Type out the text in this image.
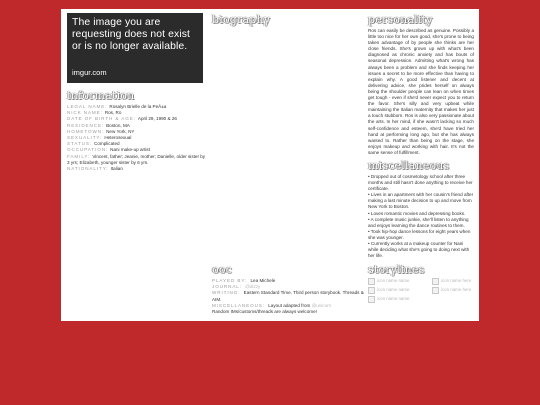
The image you are requesting does not exist or is no longer available.
imgur.com
information
LEGAL NAME: Rosalyn Brielle de la PeÃ±a
NICK NAME: Ros, Ro
DATE OF BIRTH & AGE: April 29, 1990 & 26
RESIDENCE: Boston, MA
HOMETOWN: New York, NY
SEXUALITY: Heterosexual
STATUS: Complicated
OCCUPATION: Nani make-up artist
FAMILY: Vincent, father; Jeanie, mother; Danielle, older sister by 3 yrs; Elizabeth, younger sister by 6 yrs.
NATIONALITY: Italian
biography	personality
Ros can easily be described as genuine. Possibly a little too nice for her own good, she's prone to being taken advantage of by people she thinks are her close friends. She's grown up with what's been diagnosed as chronic anxiety and has bouts of seasonal depression. Admitting what's wrong has always been a problem and she finds keeping her issues a secret to be more effective than having to explain why. A good listener and decent at delivering advice, she prides herself on always being the shoulder people can lean on when times get tough - even if she'd never expect you to return the favor. She's silly and very upbeat while maintaining the Italian maternity that makes her just a touch stubborn. Ros is also very passionate about the arts. In her mind, if she wasn't lacking so much self-confidence and esteem, she'd have tried her hand at performing long ago, but she has always wanted to. Rather than being on the stage, she enjoys makeup and working with hair. It's not the same sense of fulfillment.
miscellaneous
• Dropped out of cosmetology school after three months and still hasn't done anything to receive her certificate.
• Lives in an apartment with her cousin's friend after making a last minute decision to up and move from New York to Boston.
• Loves romantic movies and depressing books.
• A complete music junkie, she'll listen to anything and enjoys learning the dance routines to them.
• Took hip-hop dance lessons for eight years when she was younger.
• Currently works at a makeup counter for Nani while deciding what she's going to doing next with her life.
storylines
icon name name	icon name here
icon name name	icon name here
icon name name
ooc
PLAYED BY: Lea Michele
JOURNAL: @dizzy
WRITING: Eastern Standard Time. Third person storybook. Threads & AIM.
MISCELLANEOUS: Layout adapted from @unicorn
Random IMs/customs/threads are always welcome!
